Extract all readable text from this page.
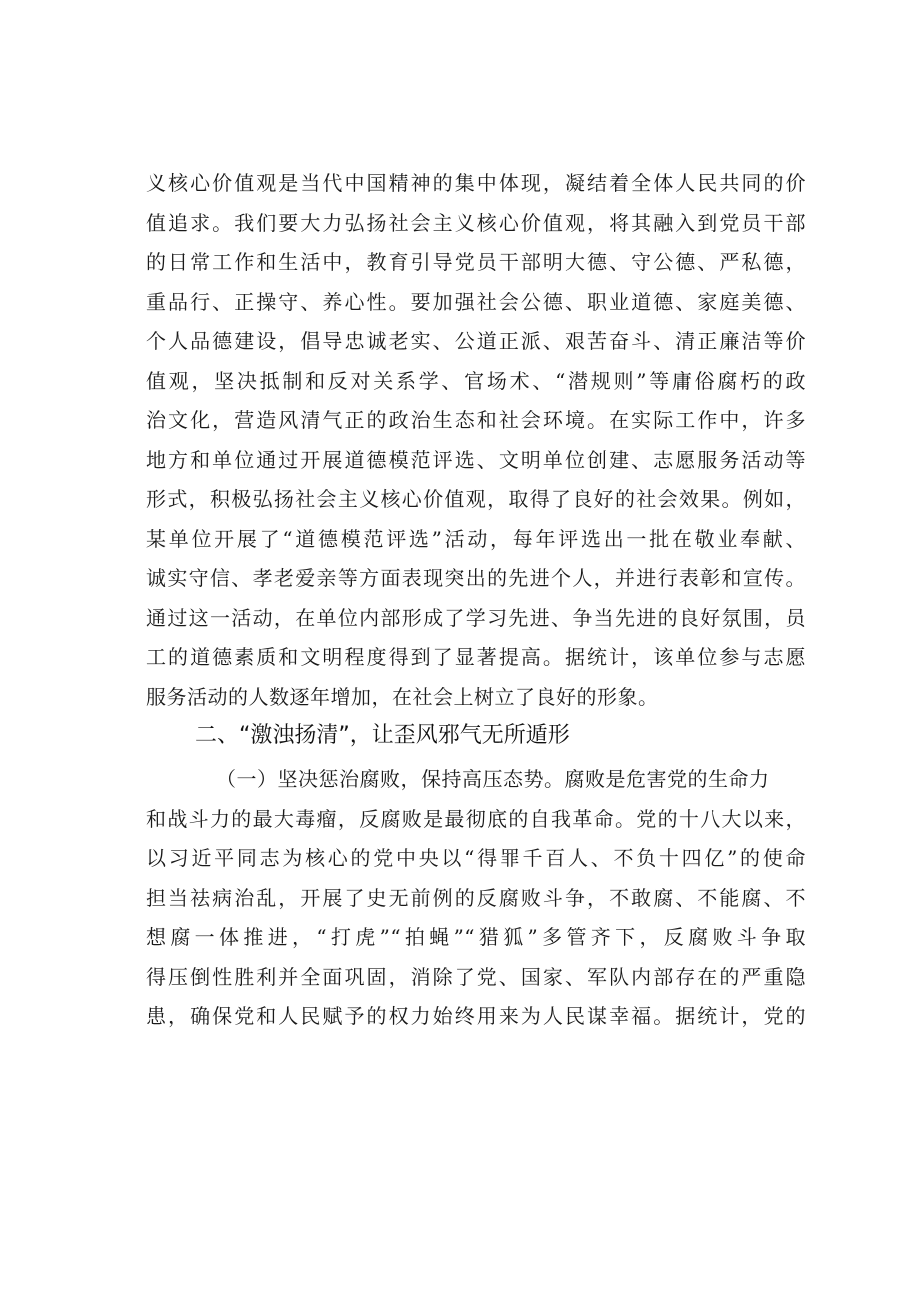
义核心价值观是当代中国精神的集中体现，凝结着全体人民共同的价
值追求。我们要大力弘扬社会主义核心价值观，将其融入到党员干部
的日常工作和生活中，教育引导党员干部明大德、守公德、严私德，
重品行、正操守、养心性。要加强社会公德、职业道德、家庭美德、
个人品德建设，倡导忠诚老实、公道正派、艰苦奋斗、清正廉洁等价
值观，坚决抵制和反对关系学、官场术、“潜规则”等庸俗腐朽的政
治文化，营造风清气正的政治生态和社会环境。在实际工作中，许多
地方和单位通过开展道德模范评选、文明单位创建、志愿服务活动等
形式，积极弘扬社会主义核心价值观，取得了良好的社会效果。例如，
某单位开展了“道德模范评选”活动，每年评选出一批在敬业奉献、
诚实守信、孝老爱亲等方面表现突出的先进个人，并进行表彰和宣传。
通过这一活动，在单位内部形成了学习先进、争当先进的良好氛围，员
工的道德素质和文明程度得到了显著提高。据统计，该单位参与志愿
服务活动的人数逐年增加，在社会上树立了良好的形象。
二、“激浊扬清”，让歪风邪气无所遁形
（一）坚决惩治腐败，保持高压态势。腐败是危害党的生命力
和战斗力的最大毒瘤，反腐败是最彻底的自我革命。党的十八大以来，
以习近平同志为核心的党中央以“得罪千百人、不负十四亿”的使命
担当祛病治乱，开展了史无前例的反腐败斗争，不敢腐、不能腐、不
想腐一体推进，“打虎”“拍蝇”“猎狐”多管齐下，反腐败斗争取
得压倒性胜利并全面巩固，消除了党、国家、军队内部存在的严重隐
患，确保党和人民赋予的权力始终用来为人民谋幸福。据统计，党的
